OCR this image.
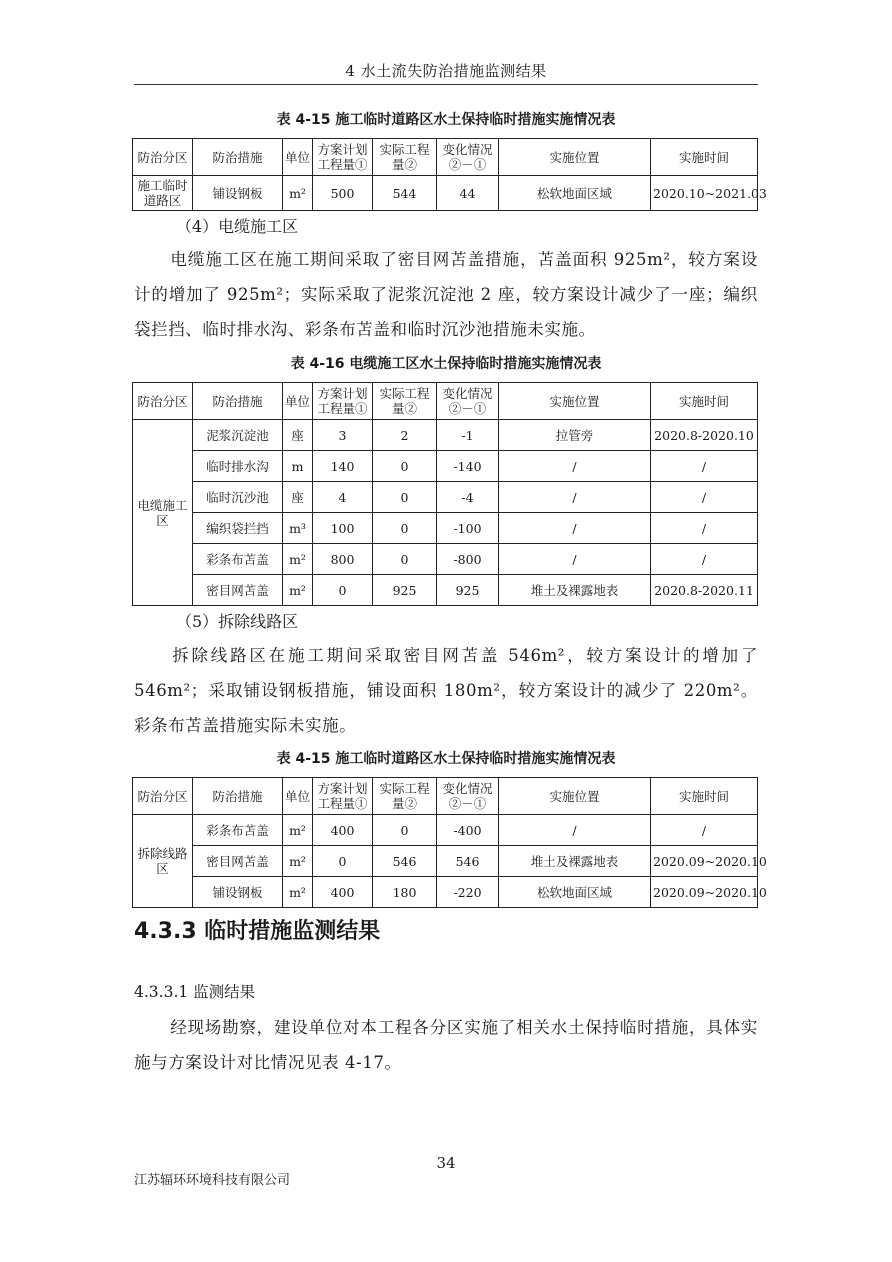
4 水土流失防治措施监测结果
表 4-15 施工临时道路区水土保持临时措施实施情况表
防治分区	防治措施	单位	方案计划工程量①	实际工程量②	变化情况②－①	实施位置	实施时间
施工临时道路区	铺设钢板	m²	500	544	44	松软地面区域	2020.10~2021.03
（4）电缆施工区
电缆施工区在施工期间采取了密目网苫盖措施，苫盖面积 925m²，较方案设计的增加了 925m²；实际采取了泥浆沉淀池 2 座，较方案设计减少了一座；编织袋拦挡、临时排水沟、彩条布苫盖和临时沉沙池措施未实施。
表 4-16 电缆施工区水土保持临时措施实施情况表
防治分区	防治措施	单位	方案计划工程量①	实际工程量②	变化情况②－①	实施位置	实施时间
电缆施工区	泥浆沉淀池	座	3	2	-1	拉管旁	2020.8-2020.10
	临时排水沟	m	140	0	-140	/	/
	临时沉沙池	座	4	0	-4	/	/
	编织袋拦挡	m³	100	0	-100	/	/
	彩条布苫盖	m²	800	0	-800	/	/
	密目网苫盖	m²	0	925	925	堆土及裸露地表	2020.8-2020.11
（5）拆除线路区
拆除线路区在施工期间采取密目网苫盖 546m²，较方案设计的增加了 546m²；采取铺设钢板措施，铺设面积 180m²，较方案设计的减少了 220m²。彩条布苫盖措施实际未实施。
表 4-15 施工临时道路区水土保持临时措施实施情况表
防治分区	防治措施	单位	方案计划工程量①	实际工程量②	变化情况②－①	实施位置	实施时间
拆除线路区	彩条布苫盖	m²	400	0	-400	/	/
	密目网苫盖	m²	0	546	546	堆土及裸露地表	2020.09~2020.10
	铺设钢板	m²	400	180	-220	松软地面区域	2020.09~2020.10
4.3.3 临时措施监测结果
4.3.3.1 监测结果
经现场勘察，建设单位对本工程各分区实施了相关水土保持临时措施，具体实施与方案设计对比情况见表 4-17。
34
江苏辐环环境科技有限公司
